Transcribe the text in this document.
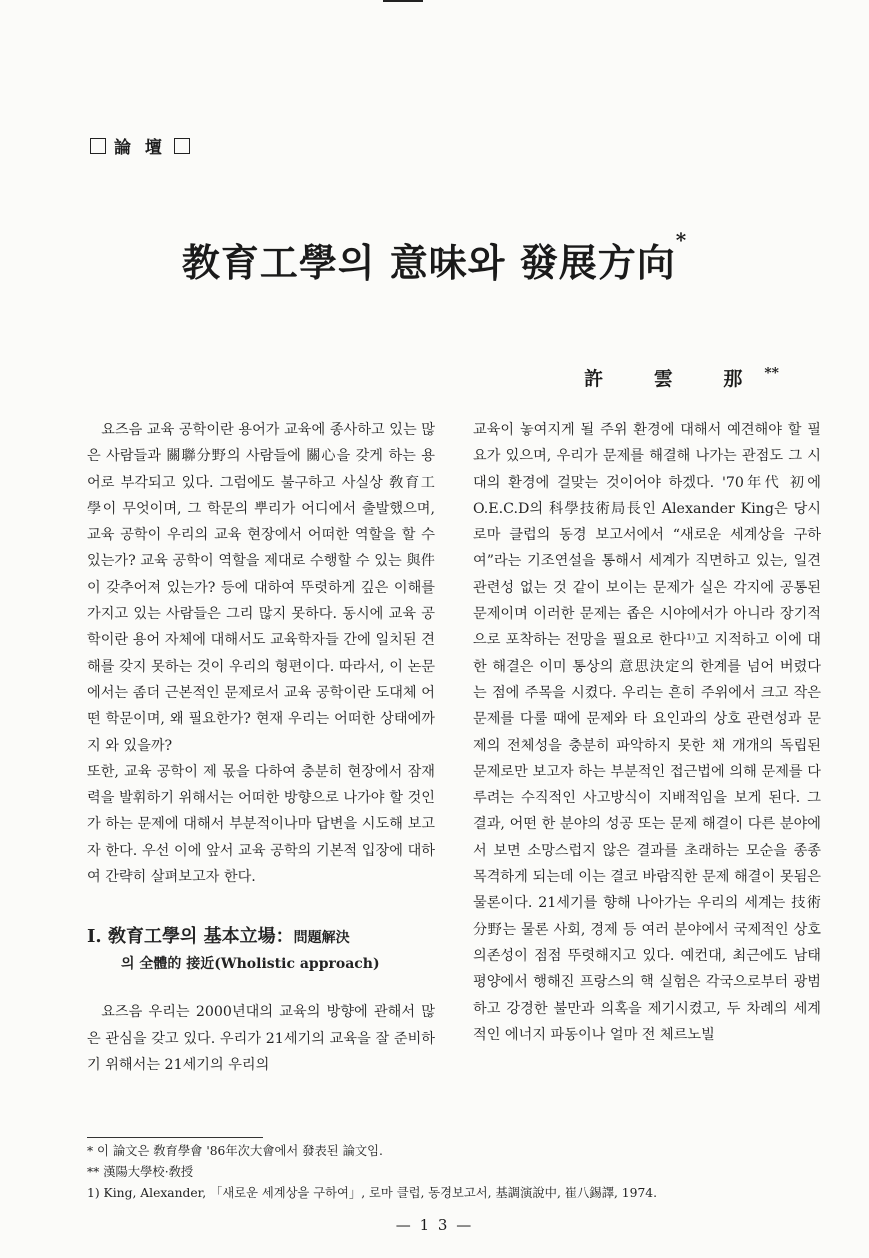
論 壇
教育工學의 意味와 發展方向*
許 雲 那**

요즈음 교육 공학이란 용어가 교육에 종사하고 있는 많은 사람들과 關聯分野의 사람들에 關心을 갖게 하는 용어로 부각되고 있다. 그럼에도 불구하고 사실상 敎育工學이 무엇이며, 그 학문의 뿌리가 어디에서 출발했으며, 교육 공학이 우리의 교육 현장에서 어떠한 역할을 할 수 있는가? 교육 공학이 역할을 제대로 수행할 수 있는 與件이 갖추어져 있는가? 등에 대하여 뚜렷하게 깊은 이해를 가지고 있는 사람들은 그리 많지 못하다. 동시에 교육 공학이란 용어 자체에 대해서도 교육학자들 간에 일치된 견해를 갖지 못하는 것이 우리의 형편이다. 따라서, 이 논문에서는 좀더 근본적인 문제로서 교육 공학이란 도대체 어떤 학문이며, 왜 필요한가? 현재 우리는 어떠한 상태에까지 와 있을까?

또한, 교육 공학이 제 몫을 다하여 충분히 현장에서 잠재력을 발휘하기 위해서는 어떠한 방향으로 나가야 할 것인가 하는 문제에 대해서 부분적이나마 답변을 시도해 보고자 한다. 우선 이에 앞서 교육 공학의 기본적 입장에 대하여 간략히 살펴보고자 한다.

Ⅰ. 敎育工學의 基本立場：問題解決
의 全體的 接近(Wholistic approach)

요즈음 우리는 2000년대의 교육의 방향에 관해서 많은 관심을 갖고 있다. 우리가 21세기의 교육을 잘 준비하기 위해서는 21세기의 우리의

교육이 놓여지게 될 주위 환경에 대해서 예견해야 할 필요가 있으며, 우리가 문제를 해결해 나가는 관점도 그 시대의 환경에 걸맞는 것이어야 하겠다. '70年代 初에 O.E.C.D의 科學技術局長인 Alexander King은 당시 로마 클럽의 동경 보고서에서 “새로운 세계상을 구하여”라는 기조연설을 통해서 세계가 직면하고 있는, 일견 관련성 없는 것 같이 보이는 문제가 실은 각지에 공통된 문제이며 이러한 문제는 좁은 시야에서가 아니라 장기적으로 포착하는 전망을 필요로 한다¹⁾고 지적하고 이에 대한 해결은 이미 통상의 意思決定의 한계를 넘어 버렸다는 점에 주목을 시켰다. 우리는 흔히 주위에서 크고 작은 문제를 다룰 때에 문제와 타 요인과의 상호 관련성과 문제의 전체성을 충분히 파악하지 못한 채 개개의 독립된 문제로만 보고자 하는 부분적인 접근법에 의해 문제를 다루려는 수직적인 사고방식이 지배적임을 보게 된다. 그 결과, 어떤 한 분야의 성공 또는 문제 해결이 다른 분야에서 보면 소망스럽지 않은 결과를 초래하는 모순을 종종 목격하게 되는데 이는 결코 바람직한 문제 해결이 못됨은 물론이다. 21세기를 향해 나아가는 우리의 세계는 技術分野는 물론 사회, 경제 등 여러 분야에서 국제적인 상호 의존성이 점점 뚜렷해지고 있다. 예컨대, 최근에도 남태평양에서 행해진 프랑스의 핵 실험은 각국으로부터 광범하고 강경한 불만과 의혹을 제기시켰고, 두 차례의 세계적인 에너지 파동이나 얼마 전 체르노빌

* 이 論文은 敎育學會 '86年次大會에서 發表된 論文임.
** 漢陽大學校·敎授
1) King, Alexander, 「새로운 세계상을 구하여」, 로마 클럽, 동경보고서, 基調演說中, 崔八錫譯, 1974.
— 1 3 —
